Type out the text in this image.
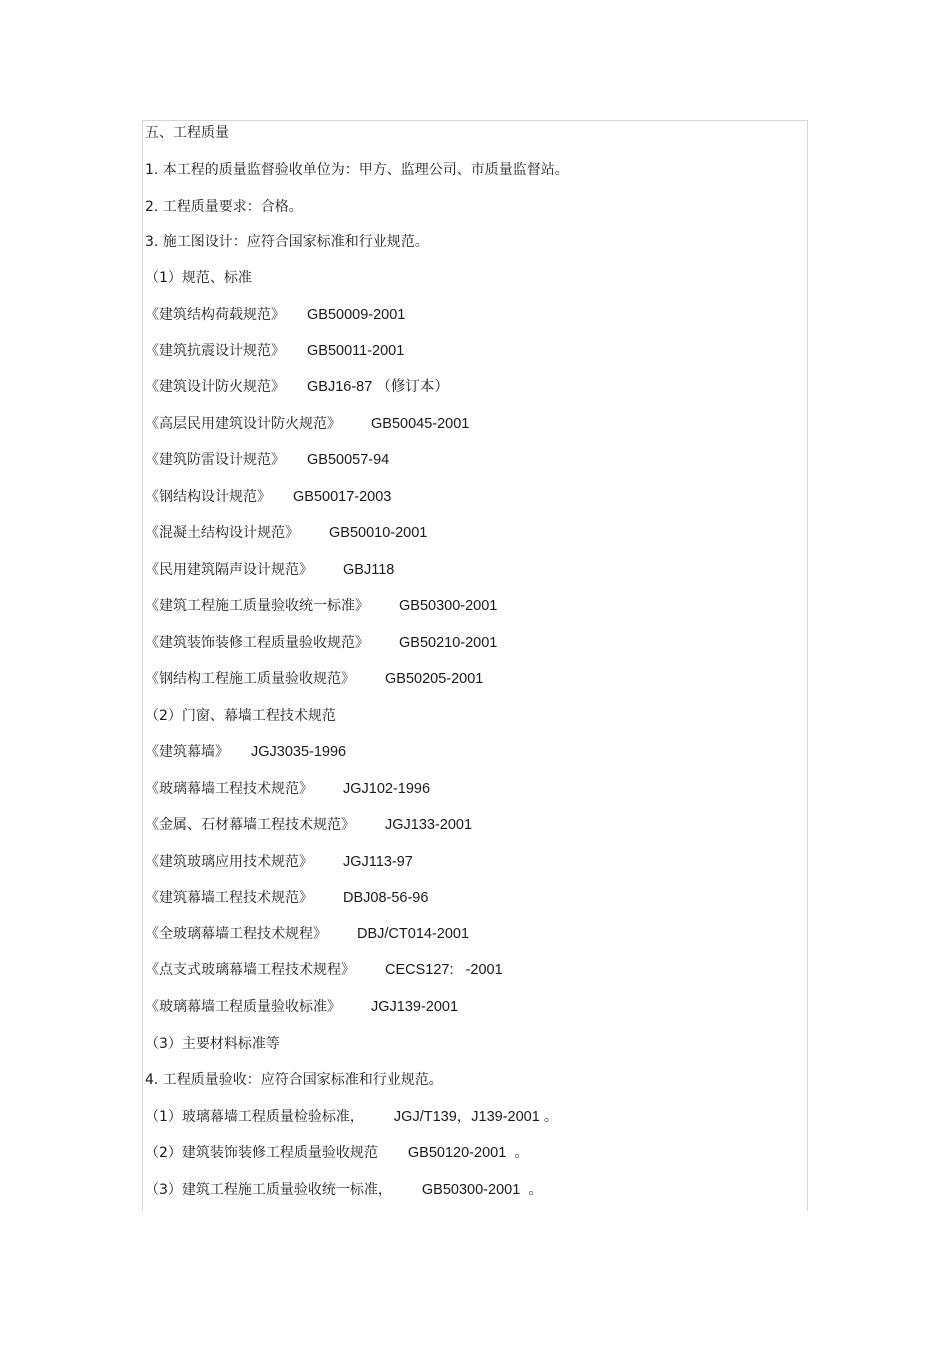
五、工程质量
1. 本工程的质量监督验收单位为：甲方、监理公司、市质量监督站。
2. 工程质量要求：合格。
3. 施工图设计：应符合国家标准和行业规范。
（1）规范、标准
《建筑结构荷载规范》 GB50009-2001
《建筑抗震设计规范》 GB50011-2001
《建筑设计防火规范》 GBJ16-87 （修订本）
《高层民用建筑设计防火规范》 GB50045-2001
《建筑防雷设计规范》 GB50057-94
《钢结构设计规范》 GB50017-2003
《混凝土结构设计规范》 GB50010-2001
《民用建筑隔声设计规范》 GBJ118
《建筑工程施工质量验收统一标准》 GB50300-2001
《建筑装饰装修工程质量验收规范》 GB50210-2001
《钢结构工程施工质量验收规范》 GB50205-2001
（2）门窗、幕墙工程技术规范
《建筑幕墙》 JGJ3035-1996
《玻璃幕墙工程技术规范》 JGJ102-1996
《金属、石材幕墙工程技术规范》 JGJ133-2001
《建筑玻璃应用技术规范》 JGJ113-97
《建筑幕墙工程技术规范》 DBJ08-56-96
《全玻璃幕墙工程技术规程》 DBJ/CT014-2001
《点支式玻璃幕墙工程技术规程》 CECS127:   -2001
《玻璃幕墙工程质量验收标准》 JGJ139-2001
（3）主要材料标准等
4. 工程质量验收：应符合国家标准和行业规范。
（1）玻璃幕墙工程质量检验标准， JGJ/T139，J139-2001 。
（2）建筑装饰装修工程质量验收规范 GB50120-2001  。
（3）建筑工程施工质量验收统一标准， GB50300-2001  。
